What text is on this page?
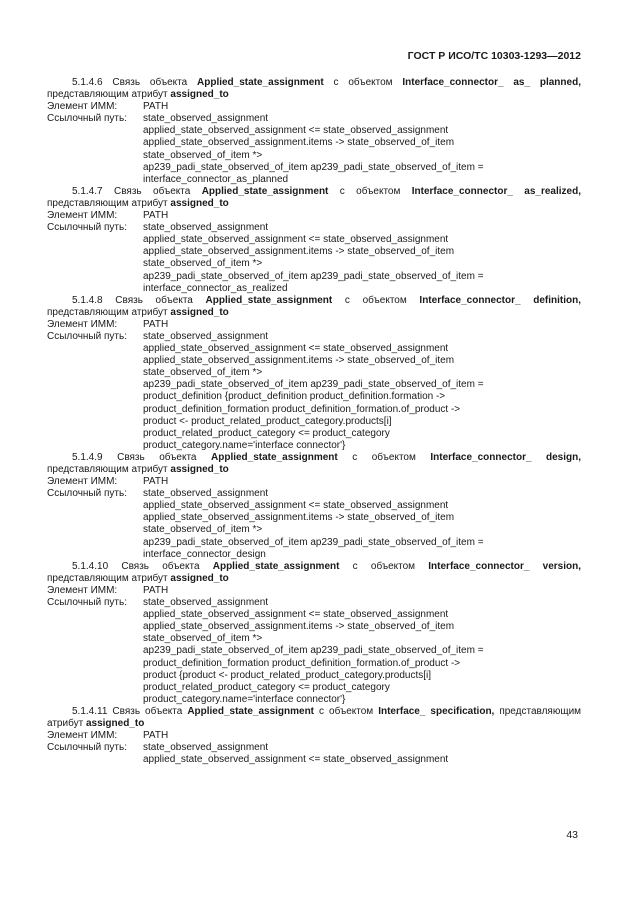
ГОСТ Р ИСО/ТС 10303-1293—2012
5.1.4.6 Связь объекта Applied_state_assignment с объектом Interface_connector_ as_ planned, представляющим атрибут assigned_to
Элемент ИММ:	PATH
Ссылочный путь:	state_observed_assignment
applied_state_observed_assignment <= state_observed_assignment
applied_state_observed_assignment.items -> state_observed_of_item
state_observed_of_item *>
ap239_padi_state_observed_of_item ap239_padi_state_observed_of_item =
interface_connector_as_planned
5.1.4.7 Связь объекта Applied_state_assignment с объектом Interface_connector_ as_realized, представляющим атрибут assigned_to
Элемент ИММ:	PATH
Ссылочный путь:	state_observed_assignment
applied_state_observed_assignment <= state_observed_assignment
applied_state_observed_assignment.items -> state_observed_of_item
state_observed_of_item *>
ap239_padi_state_observed_of_item ap239_padi_state_observed_of_item =
interface_connector_as_realized
5.1.4.8 Связь объекта Applied_state_assignment с объектом Interface_connector_ definition, представляющим атрибут assigned_to
Элемент ИММ:	PATH
Ссылочный путь:	state_observed_assignment
applied_state_observed_assignment <= state_observed_assignment
applied_state_observed_assignment.items -> state_observed_of_item
state_observed_of_item *>
ap239_padi_state_observed_of_item ap239_padi_state_observed_of_item =
product_definition {product_definition product_definition.formation ->
product_definition_formation product_definition_formation.of_product ->
product <- product_related_product_category.products[i]
product_related_product_category <= product_category
product_category.name='interface connector'}
5.1.4.9 Связь объекта Applied_state_assignment с объектом Interface_connector_ design, представляющим атрибут assigned_to
Элемент ИММ:	PATH
Ссылочный путь:	state_observed_assignment
applied_state_observed_assignment <= state_observed_assignment
applied_state_observed_assignment.items -> state_observed_of_item
state_observed_of_item *>
ap239_padi_state_observed_of_item ap239_padi_state_observed_of_item =
interface_connector_design
5.1.4.10 Связь объекта Applied_state_assignment с объектом Interface_connector_ version, представляющим атрибут assigned_to
Элемент ИММ:	PATH
Ссылочный путь:	state_observed_assignment
applied_state_observed_assignment <= state_observed_assignment
applied_state_observed_assignment.items -> state_observed_of_item
state_observed_of_item *>
ap239_padi_state_observed_of_item ap239_padi_state_observed_of_item =
product_definition_formation product_definition_formation.of_product ->
product {product <- product_related_product_category.products[i]
product_related_product_category <= product_category
product_category.name='interface connector'}
5.1.4.11 Связь объекта Applied_state_assignment с объектом Interface_ specification, представляющим атрибут assigned_to
Элемент ИММ:	PATH
Ссылочный путь:	state_observed_assignment
applied_state_observed_assignment <= state_observed_assignment
43
